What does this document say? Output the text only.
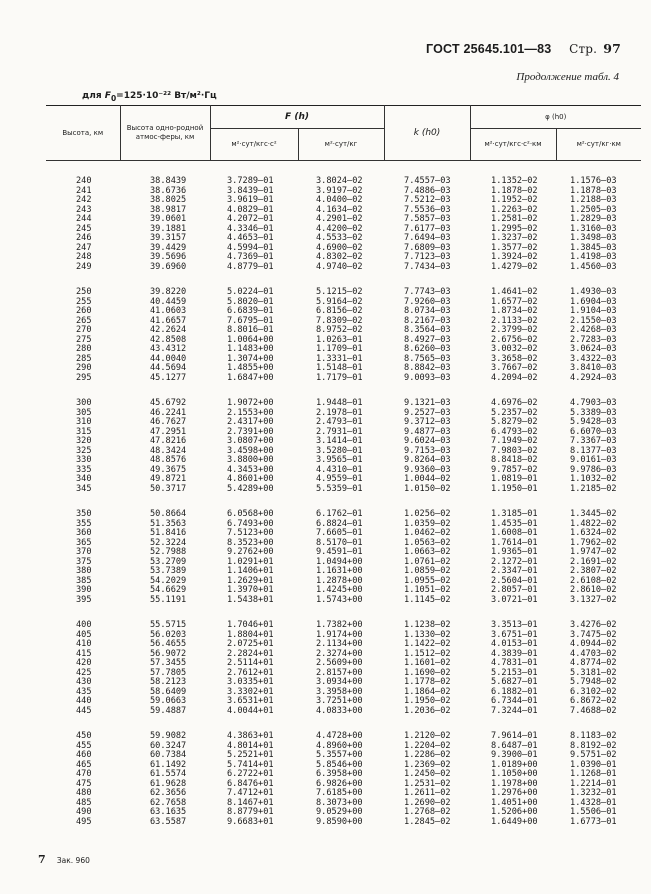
ГОСТ 25645.101—83 Стр. 97
Продолжение табл. 4
для $F_0=125\cdot 10^{-22}$ Вт/м²·Гц
Высота, км	Высота одно-родной атмос-феры, км	F (h)		k (h0)	φ (h0)	
		м²·сут/кгс·с²	м²·сут/кг		м²·сут/кгс·с²·км	м²·сут/кг·км

240	38.8439	3.7289—01	3.8024—02	7.4557—03	1.1352—02	1.1576—03
241	38.6736	3.8439—01	3.9197—02	7.4886—03	1.1878—02	1.1878—03
242	38.8025	3.9619—01	4.0400—02	7.5212—03	1.1952—02	1.2188—03
243	38.9817	4.0829—01	4.1634—02	7.5536—03	1.2263—02	1.2505—03
244	39.0601	4.2072—01	4.2901—02	7.5857—03	1.2581—02	1.2829—03
245	39.1881	4.3346—01	4.4200—02	7.6177—03	1.2995—02	1.3160—03
246	39.3157	4.4653—01	4.5533—02	7.6494—03	1.3237—02	1.3498—03
247	39.4429	4.5994—01	4.6900—02	7.6809—03	1.3577—02	1.3845—03
248	39.5696	4.7369—01	4.8302—02	7.7123—03	1.3924—02	1.4198—03
249	39.6960	4.8779—01	4.9740—02	7.7434—03	1.4279—02	1.4560—03

250	39.8220	5.0224—01	5.1215—02	7.7743—03	1.4641—02	1.4930—03
255	40.4459	5.8020—01	5.9164—02	7.9260—03	1.6577—02	1.6904—03
260	41.0603	6.6839—01	6.8156—02	8.0734—03	1.8734—02	1.9104—03
265	41.6657	7.6795—01	7.8309—02	8.2167—03	2.1133—02	2.1550—03
270	42.2624	8.8016—01	8.9752—02	8.3564—03	2.3799—02	2.4268—03
275	42.8508	1.0064+00	1.0263—01	8.4927—03	2.6756—02	2.7283—03
280	43.4312	1.1483+00	1.1709—01	8.6260—03	3.0032—02	3.0624—03
285	44.0040	1.3074+00	1.3331—01	8.7565—03	3.3658—02	3.4322—03
290	44.5694	1.4855+00	1.5148—01	8.8842—03	3.7667—02	3.8410—03
295	45.1277	1.6847+00	1.7179—01	9.0093—03	4.2094—02	4.2924—03

300	45.6792	1.9072+00	1.9448—01	9.1321—03	4.6976—02	4.7903—03
305	46.2241	2.1553+00	2.1978—01	9.2527—03	5.2357—02	5.3389—03
310	46.7627	2.4317+00	2.4793—01	9.3712—03	5.8279—02	5.9428—03
315	47.2951	2.7391+00	2.7931—01	9.4877—03	6.4793—02	6.6070—03
320	47.8216	3.0807+00	3.1414—01	9.6024—03	7.1949—02	7.3367—03
325	48.3424	3.4598+00	3.5280—01	9.7153—03	7.9803—02	8.1377—03
330	48.8576	3.8800+00	3.9565—01	9.8264—03	8.8418—02	9.0161—03
335	49.3675	4.3453+00	4.4310—01	9.9360—03	9.7857—02	9.9786—03
340	49.8721	4.8601+00	4.9559—01	1.0044—02	1.0819—01	1.1032—02
345	50.3717	5.4289+00	5.5359—01	1.0150—02	1.1950—01	1.2185—02

350	50.8664	6.0568+00	6.1762—01	1.0256—02	1.3185—01	1.3445—02
355	51.3563	6.7493+00	6.8824—01	1.0359—02	1.4535—01	1.4822—02
360	51.8416	7.5123+00	7.6605—01	1.0462—02	1.6008—01	1.6324—02
365	52.3224	8.3523+00	8.5170—01	1.0563—02	1.7614—01	1.7962—02
370	52.7988	9.2762+00	9.4591—01	1.0663—02	1.9365—01	1.9747—02
375	53.2709	1.0291+01	1.0494+00	1.0761—02	2.1272—01	2.1691—02
380	53.7389	1.1406+01	1.1631+00	1.0859—02	2.3347—01	2.3807—02
385	54.2029	1.2629+01	1.2878+00	1.0955—02	2.5604—01	2.6108—02
390	54.6629	1.3970+01	1.4245+00	1.1051—02	2.8057—01	2.8610—02
395	55.1191	1.5438+01	1.5743+00	1.1145—02	3.0721—01	3.1327—02

400	55.5715	1.7046+01	1.7382+00	1.1238—02	3.3513—01	3.4276—02
405	56.0203	1.8804+01	1.9174+00	1.1330—02	3.6751—01	3.7475—02
410	56.4655	2.0725+01	2.1134+00	1.1422—02	4.0153—01	4.0944—02
415	56.9072	2.2824+01	2.3274+00	1.1512—02	4.3839—01	4.4703—02
420	57.3455	2.5114+01	2.5609+00	1.1601—02	4.7831—01	4.8774—02
425	57.7805	2.7612+01	2.8157+00	1.1690—02	5.2153—01	5.3181—02
430	58.2123	3.0335+01	3.0934+00	1.1778—02	5.6827—01	5.7948—02
435	58.6409	3.3302+01	3.3958+00	1.1864—02	6.1882—01	6.3102—02
440	59.0663	3.6531+01	3.7251+00	1.1950—02	6.7344—01	6.8672—02
445	59.4887	4.0044+01	4.0833+00	1.2036—02	7.3244—01	7.4688—02

450	59.9082	4.3863+01	4.4728+00	1.2120—02	7.9614—01	8.1183—02
455	60.3247	4.8014+01	4.8960+00	1.2204—02	8.6487—01	8.8192—02
460	60.7384	5.2521+01	5.3557+00	1.2286—02	9.3900—01	9.5751—02
465	61.1492	5.7414+01	5.8546+00	1.2369—02	1.0189+00	1.0390—01
470	61.5574	6.2722+01	6.3958+00	1.2450—02	1.1050+00	1.1268—01
475	61.9628	6.8476+01	6.9826+00	1.2531—02	1.1978+00	1.2214—01
480	62.3656	7.4712+01	7.6185+00	1.2611—02	1.2976+00	1.3232—01
485	62.7658	8.1467+01	8.3073+00	1.2690—02	1.4051+00	1.4328—01
490	63.1635	8.8779+01	9.0529+00	1.2768—02	1.5206+00	1.5506—01
495	63.5587	9.6683+01	9.8590+00	1.2845—02	1.6449+00	1.6773—01
7 Зак. 960
